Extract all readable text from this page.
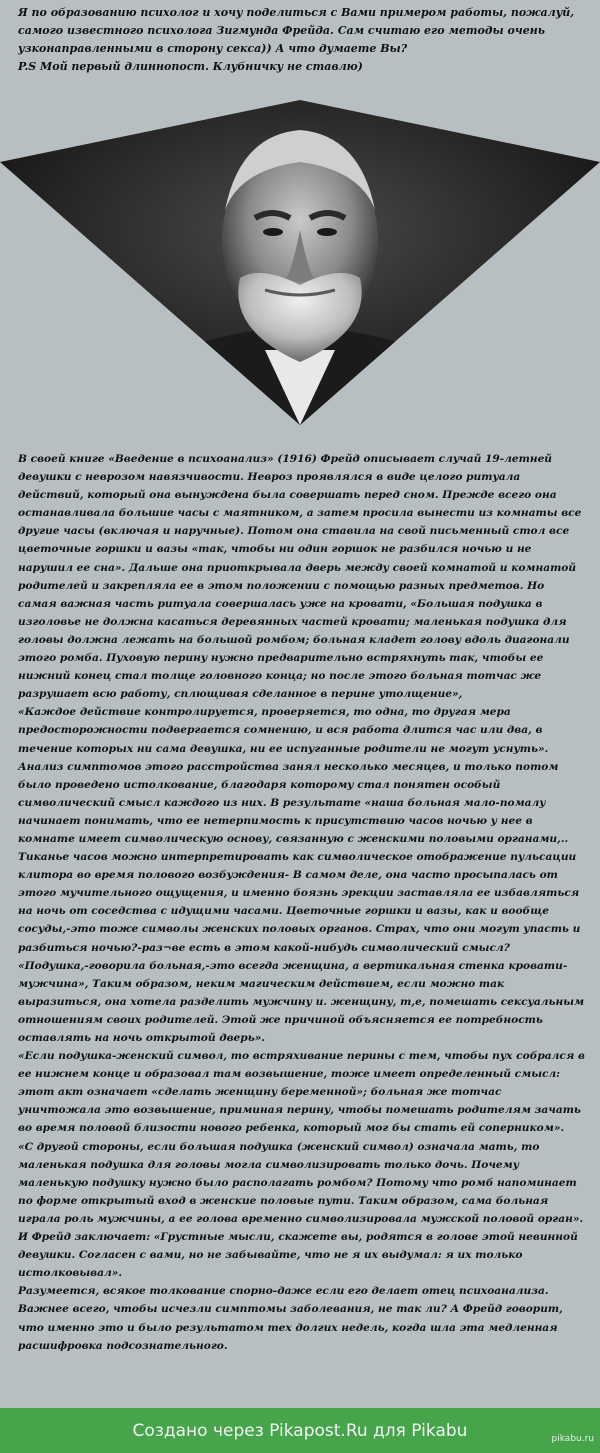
Я по образованию психолог и хочу поделиться с Вами примером работы, пожалуй, самого известного психолога Зигмунда Фрейда. Сам считаю его методы очень узконаправленными в сторону секса)) А что думаете Вы?
P.S Мой первый длиннопост. Клубничку не ставлю)

В своей книге «Введение в психоанализ» (1916) Фрейд описывает случай 19-летней девушки с неврозом навязчивости. Невроз проявлялся в виде целого ритуала действий, который она вынуждена была совершать перед сном. Прежде всего она останавливала большие часы с маятником, а затем просила вынести из комнаты все другие часы (включая и наручные). Потом она ставила на свой письменный стол все цветочные горшки и вазы «так, чтобы ни один горшок не разбился ночью и не нарушил ее сна». Дальше она приоткрывала дверь между своей комнатой и комнатой родителей и закрепляла ее в этом положении с помощью разных предметов. Но самая важная часть ритуала совершалась уже на кровати, «Большая подушка в изголовье не должна касаться деревянных частей кровати; маленькая подушка для головы должна лежать на большой ромбом; больная кладет голову вдоль диагонали этого ромба. Пуховую перину нужно предварительно встряхнуть так, чтобы ее нижний конец стал толще головного конца; но после этого больная тотчас же разрушает всю работу, сплющивая сделанное в перине утолщение»,

«Каждое действие контролируется, проверяется, то одна, то другая мера предосторожности подвергается сомнению, и вся работа длится час или два, в течение которых ни сама девушка, ни ее испуганные родители не могут уснуть».

Анализ симптомов этого расстройства занял несколько месяцев, и только потом было проведено истолкование, благодаря которому стал понятен особый символический смысл каждого из них. В результате «наша больная мало-помалу начинает понимать, что ее нетерпимость к присутствию часов ночью у нее в комнате имеет символическую основу, связанную с женскими половыми органами,.. Тиканье часов можно интерпретировать как символическое отображение пульсации клитора во время полового возбуждения- В самом деле, она часто просыпалась от этого мучительного ощущения, и именно боязнь эрекции заставляла ее избавляться на ночь от соседства с идущими часами. Цветочные горшки и вазы, как и вообще сосуды,-это тоже символы женских половых органов. Страх, что они могут упасть и разбиться ночью?-раз¬ве есть в этом какой-нибудь символический смысл?

«Подушка,-говорила больная,-это всегда женщина, а вертикальная стенка кровати-мужчина», Таким образом, неким магическим действием, если можно так выразиться, она хотела разделить мужчину и. женщину, т,е, помешать сексуальным отношениям своих родителей. Этой же причиной объясняется ее потребность оставлять на ночь открытой дверь».

«Если подушка-женский символ, то встряхивание перины с тем, чтобы пух собрался в ее нижнем конце и образовал там возвышение, тоже имеет определенный смысл: этот акт означает «сделать женщину беременной»; больная же тотчас уничтожала это возвышение, приминая перину, чтобы помешать родителям зачать во время половой близости нового ребенка, который мог бы стать ей соперником».

«С другой стороны, если большая подушка (женский символ) означала мать, то маленькая подушка для головы могла символизировать только дочь. Почему маленькую подушку нужно было располагать ромбом? Потому что ромб напоминает по форме открытый вход в женские половые пути. Таким образом, сама больная играла роль мужчины, а ее голова временно символизировала мужской половой орган».

И Фрейд заключает: «Грустные мысли, скажете вы, родятся в голове этой невинной девушки. Согласен с вами, но не забывайте, что не я их выдумал: я их только истолковывал».

Разумеется, всякое толкование спорно-даже если его делает отец психоанализа.

Важнее всего, чтобы исчезли симптомы заболевания, не так ли? А Фрейд говорит, что именно это и было результатом тех долгих недель, когда шла эта медленная расшифровка подсознательного.

Создано через Pikapost.Ru для Pikabu	pikabu.ru
